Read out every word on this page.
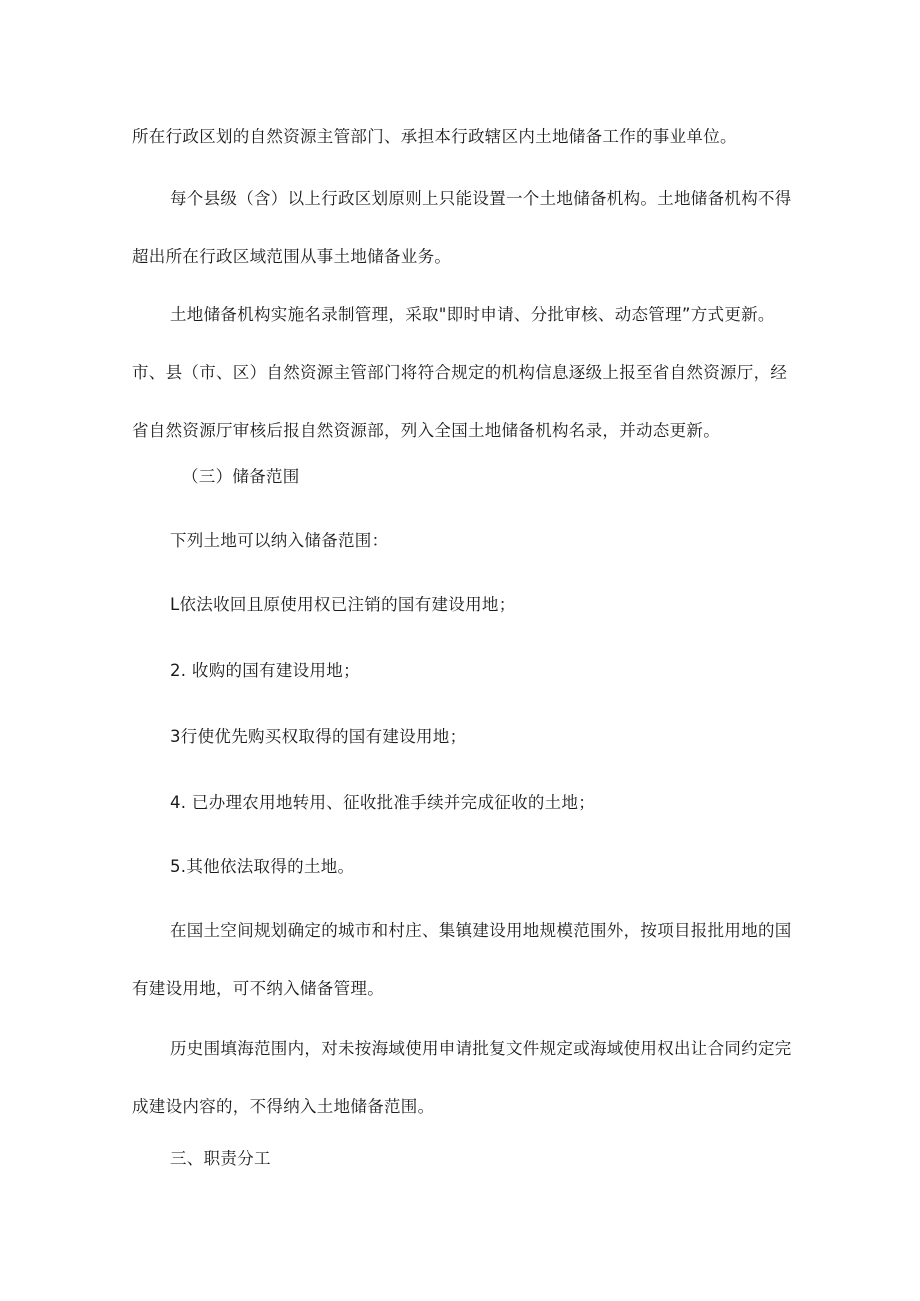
所在行政区划的自然资源主管部门、承担本行政辖区内土地储备工作的事业单位。

每个县级（含）以上行政区划原则上只能设置一个土地储备机构。土地储备机构不得超出所在行政区域范围从事土地储备业务。

土地储备机构实施名录制管理，采取"即时申请、分批审核、动态管理”方式更新。市、县（市、区）自然资源主管部门将符合规定的机构信息逐级上报至省自然资源厅，经省自然资源厅审核后报自然资源部，列入全国土地储备机构名录，并动态更新。

（三）储备范围

下列土地可以纳入储备范围：

L依法收回且原使用权已注销的国有建设用地；

2. 收购的国有建设用地；

3行使优先购买权取得的国有建设用地；

4. 已办理农用地转用、征收批准手续并完成征收的土地；

5.其他依法取得的土地。

在国土空间规划确定的城市和村庄、集镇建设用地规模范围外，按项目报批用地的国有建设用地，可不纳入储备管理。

历史围填海范围内，对未按海域使用申请批复文件规定或海域使用权出让合同约定完成建设内容的，不得纳入土地储备范围。

三、职责分工
